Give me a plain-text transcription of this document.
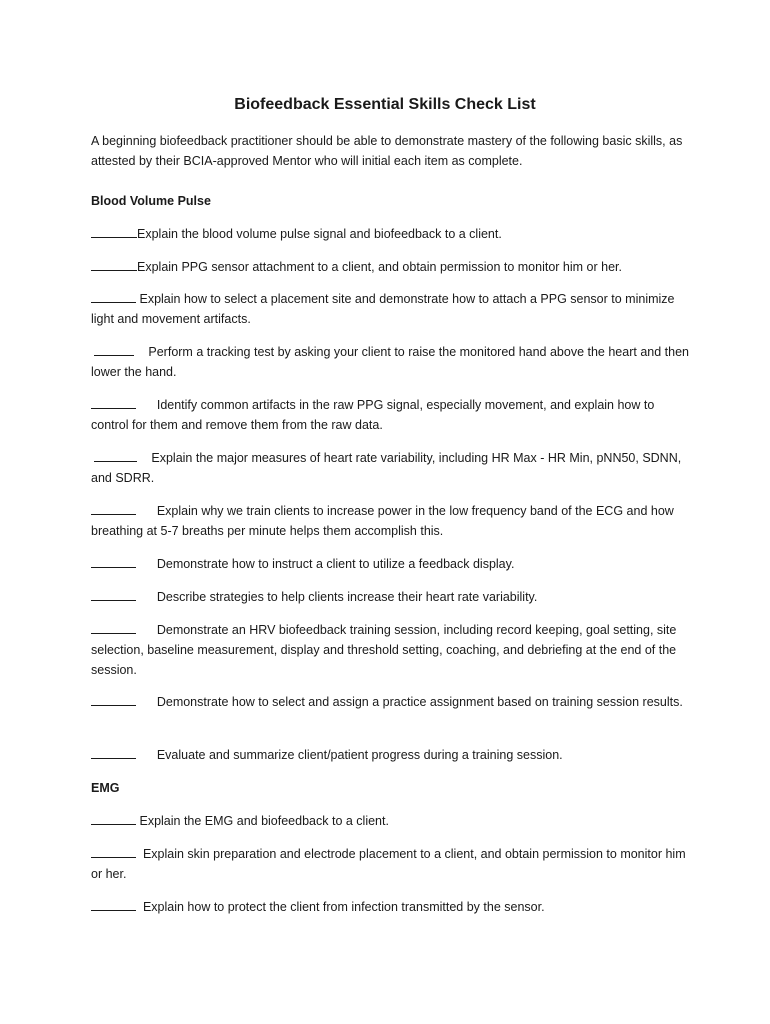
Biofeedback Essential Skills Check List
A beginning biofeedback practitioner should be able to demonstrate mastery of the following basic skills, as attested by their BCIA-approved Mentor who will initial each item as complete.
Blood Volume Pulse
Explain the blood volume pulse signal and biofeedback to a client.
Explain PPG sensor attachment to a client, and obtain permission to monitor him or her.
Explain how to select a placement site and demonstrate how to attach a PPG sensor to minimize light and movement artifacts.
Perform a tracking test by asking your client to raise the monitored hand above the heart and then lower the hand.
Identify common artifacts in the raw PPG signal, especially movement, and explain how to control for them and remove them from the raw data.
Explain the major measures of heart rate variability, including HR Max - HR Min, pNN50, SDNN, and SDRR.
Explain why we train clients to increase power in the low frequency band of the ECG and how breathing at 5-7 breaths per minute helps them accomplish this.
Demonstrate how to instruct a client to utilize a feedback display.
Describe strategies to help clients increase their heart rate variability.
Demonstrate an HRV biofeedback training session, including record keeping, goal setting, site selection, baseline measurement, display and threshold setting, coaching, and debriefing at the end of the session.
Demonstrate how to select and assign a practice assignment based on training session results.
Evaluate and summarize client/patient progress during a training session.
EMG
Explain the EMG and biofeedback to a client.
Explain skin preparation and electrode placement to a client, and obtain permission to monitor him or her.
Explain how to protect the client from infection transmitted by the sensor.
